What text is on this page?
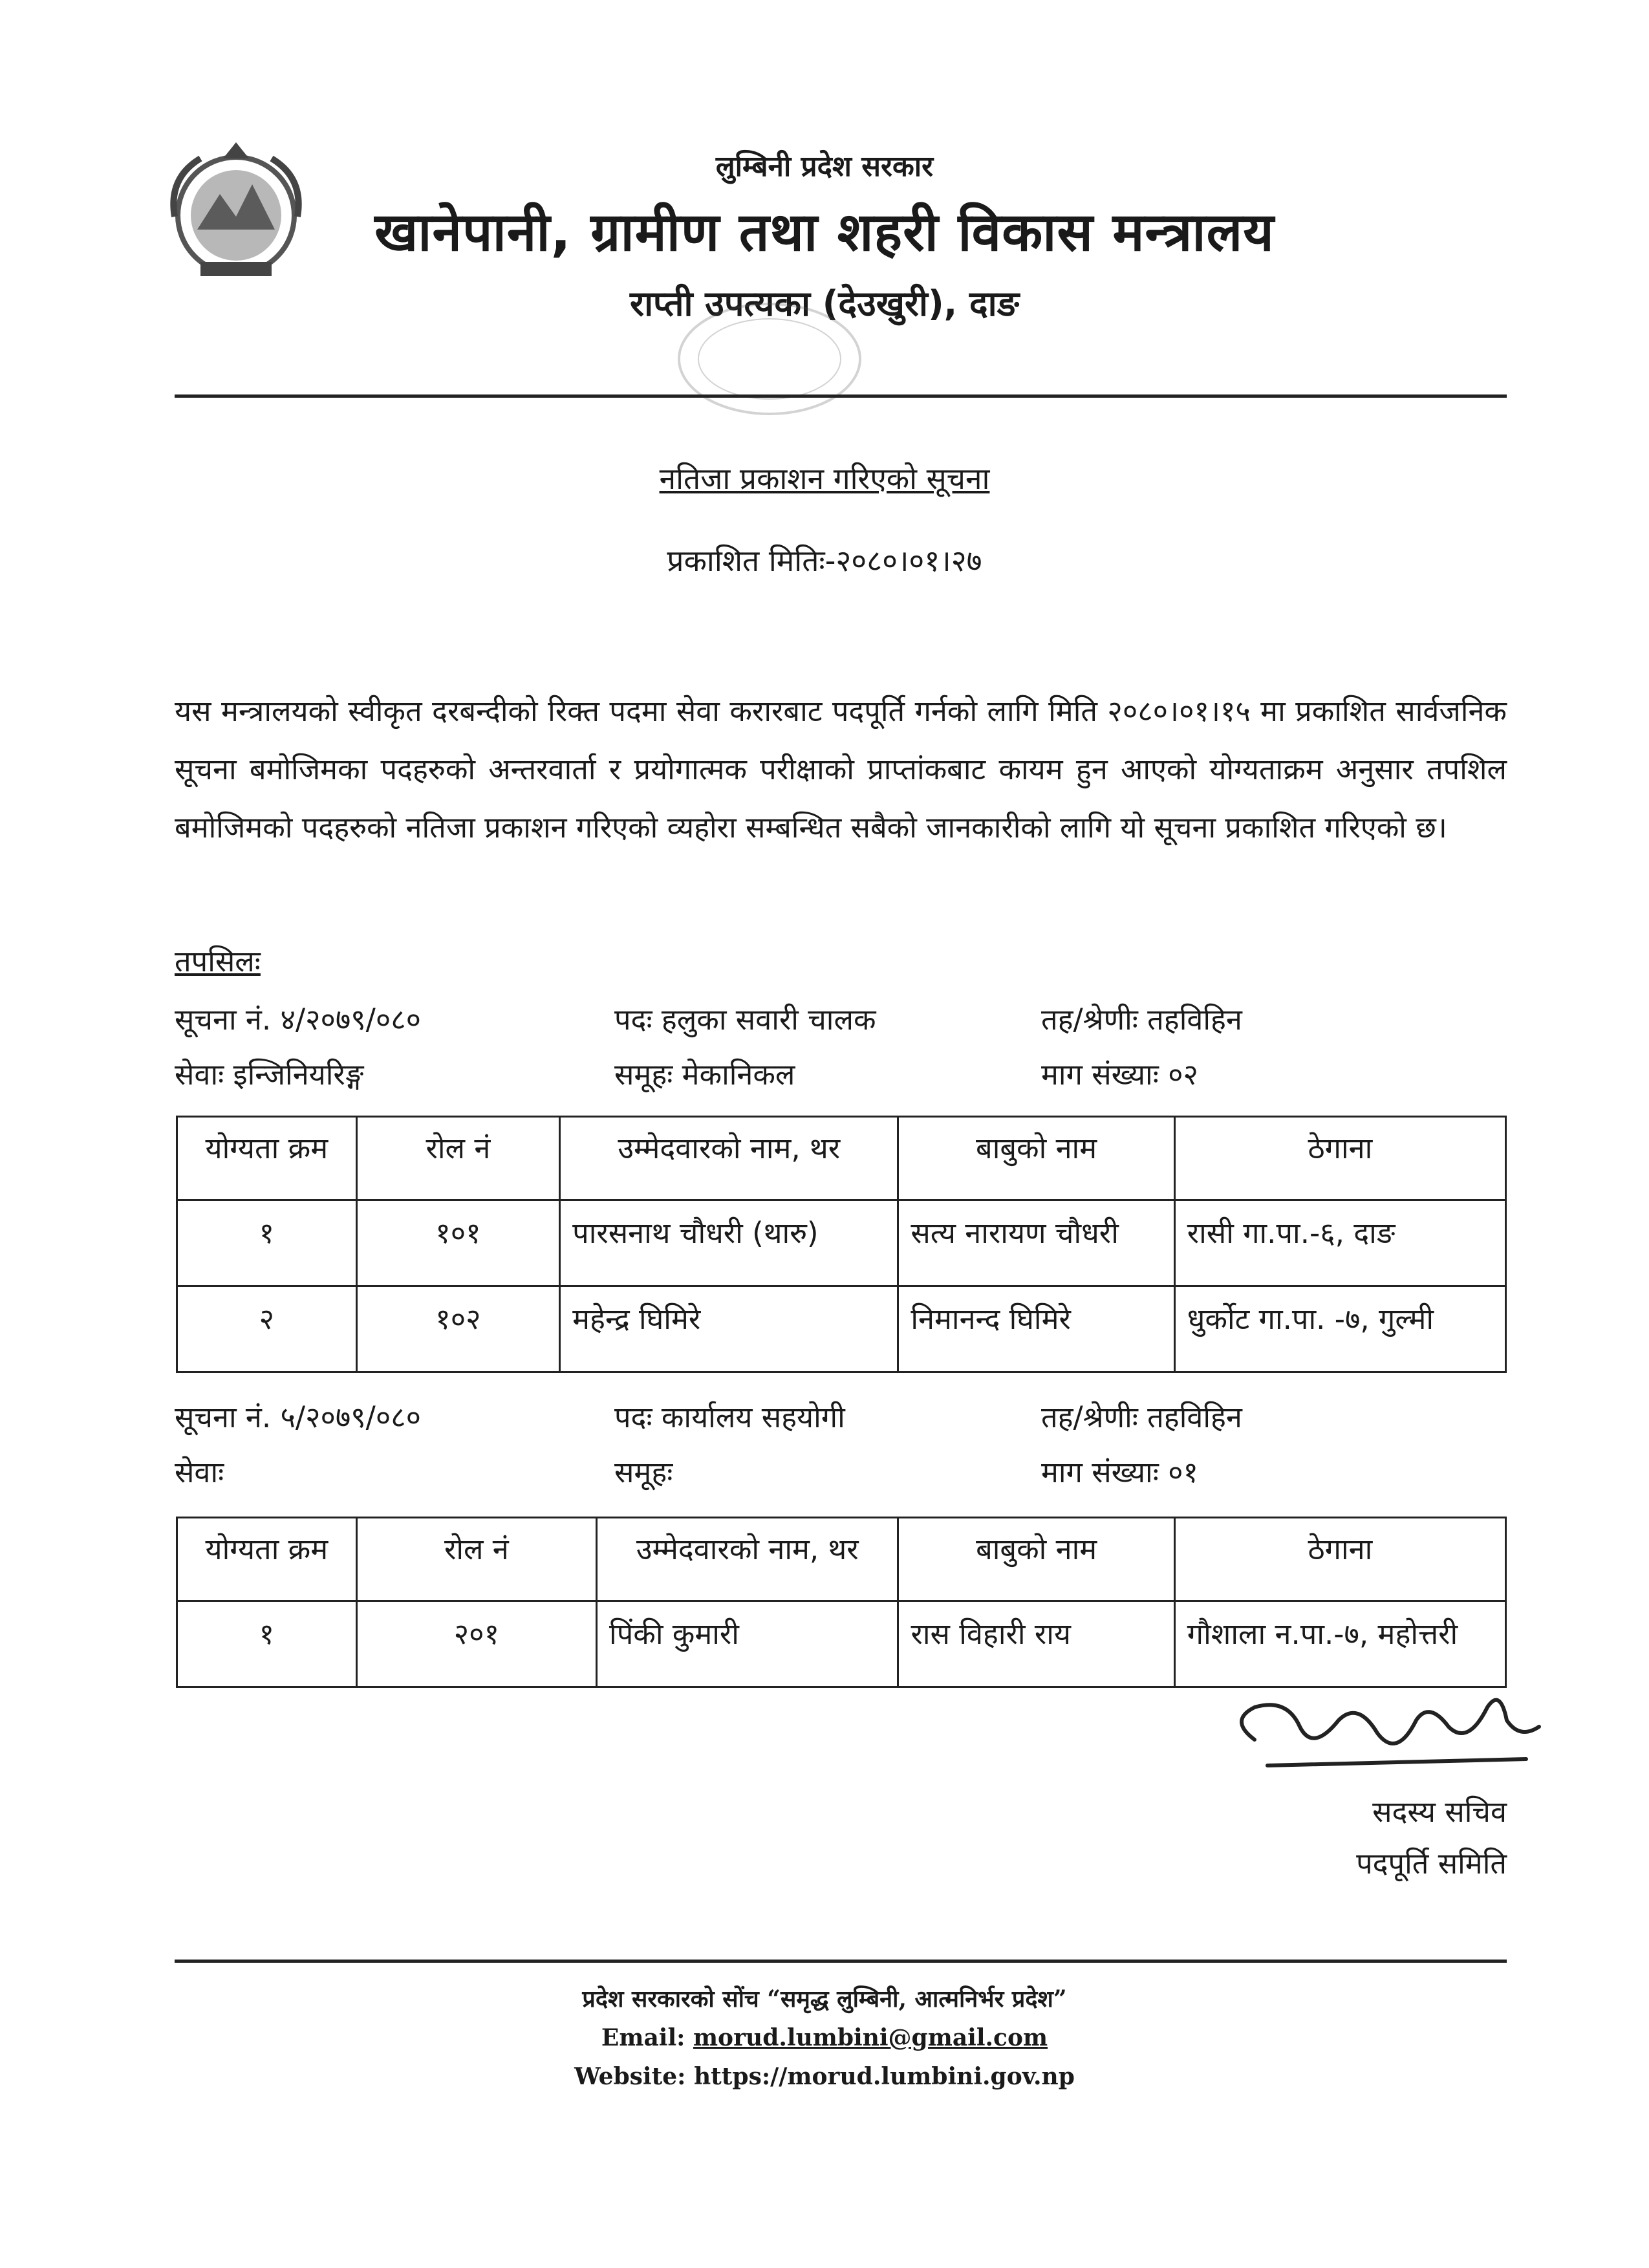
लुम्बिनी प्रदेश सरकार
खानेपानी, ग्रामीण तथा शहरी विकास मन्त्रालय
राप्ती उपत्यका (देउखुरी), दाङ
नतिजा प्रकाशन गरिएको सूचना
प्रकाशित मितिः-२०८०।०१।२७
यस मन्त्रालयको स्वीकृत दरबन्दीको रिक्त पदमा सेवा करारबाट पदपूर्ति गर्नको लागि मिति २०८०।०१।१५ मा प्रकाशित सार्वजनिक सूचना बमोजिमका पदहरुको अन्तरवार्ता र प्रयोगात्मक परीक्षाको प्राप्तांकबाट कायम हुन आएको योग्यताक्रम अनुसार तपशिल बमोजिमको पदहरुको नतिजा प्रकाशन गरिएको व्यहोरा सम्बन्धित सबैको जानकारीको लागि यो सूचना प्रकाशित गरिएको छ।
तपसिलः
सूचना नं. ४/२०७९/०८०	पदः हलुका सवारी चालक	तह/श्रेणीः तहविहिन
सेवाः इन्जिनियरिङ्ग	समूहः मेकानिकल	माग संख्याः ०२
योग्यता क्रम	रोल नं	उम्मेदवारको नाम, थर	बाबुको नाम	ठेगाना
१	१०१	पारसनाथ चौधरी (थारु)	सत्य नारायण चौधरी	रासी गा.पा.-६, दाङ
२	१०२	महेन्द्र घिमिरे	निमानन्द घिमिरे	धुर्कोट गा.पा. -७, गुल्मी
सूचना नं. ५/२०७९/०८०	पदः कार्यालय सहयोगी	तह/श्रेणीः तहविहिन
सेवाः	समूहः	माग संख्याः ०१
योग्यता क्रम	रोल नं	उम्मेदवारको नाम, थर	बाबुको नाम	ठेगाना
१	२०१	पिंकी कुमारी	रास विहारी राय	गौशाला न.पा.-७, महोत्तरी
सदस्य सचिव
पदपूर्ति समिति
प्रदेश सरकारको सोंच “समृद्ध लुम्बिनी, आत्मनिर्भर प्रदेश”
Email: morud.lumbini@gmail.com
Website: https://morud.lumbini.gov.np
